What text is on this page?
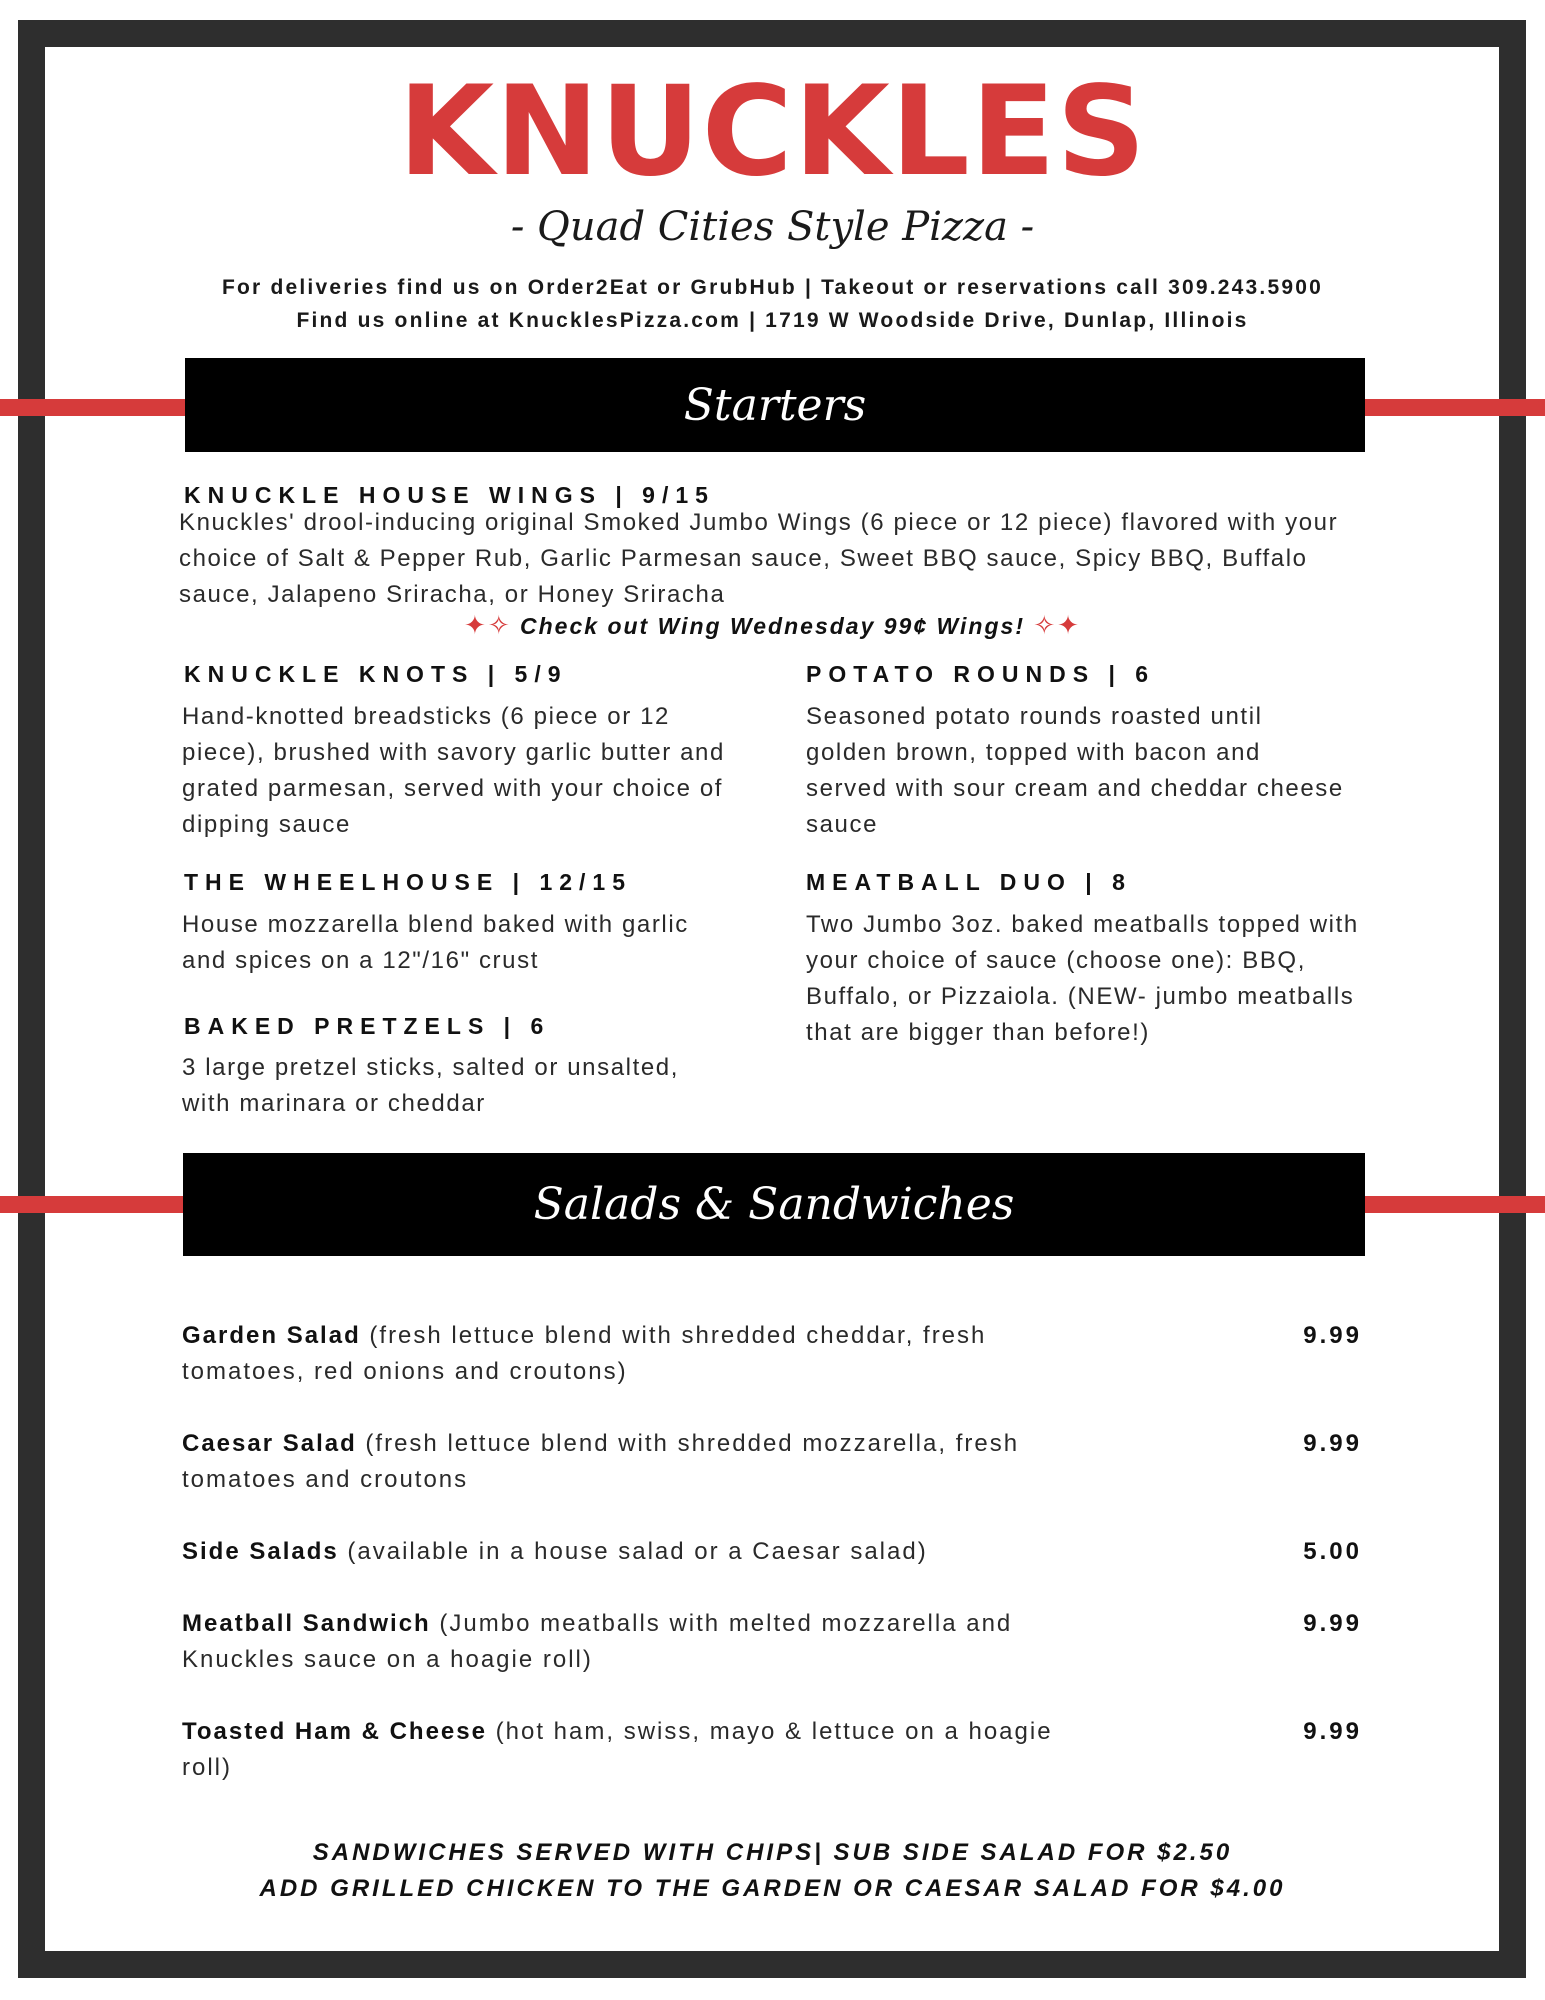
KNUCKLES
- Quad Cities Style Pizza -
For deliveries find us on Order2Eat or GrubHub | Takeout or reservations call 309.243.5900
Find us online at KnucklesPizza.com | 1719 W Woodside Drive, Dunlap, Illinois
Starters
KNUCKLE HOUSE WINGS | 9/15
Knuckles' drool-inducing original Smoked Jumbo Wings (6 piece or 12 piece) flavored with your choice of Salt & Pepper Rub, Garlic Parmesan sauce, Sweet BBQ sauce, Spicy BBQ, Buffalo sauce, Jalapeno Sriracha, or Honey Sriracha
✦✧ Check out Wing Wednesday 99¢ Wings! ✧✦
KNUCKLE KNOTS | 5/9
Hand-knotted breadsticks (6 piece or 12 piece), brushed with savory garlic butter and grated parmesan, served with your choice of dipping sauce
POTATO ROUNDS | 6
Seasoned potato rounds roasted until golden brown, topped with bacon and served with sour cream and cheddar cheese sauce
THE WHEELHOUSE | 12/15
House mozzarella blend baked with garlic and spices on a 12"/16" crust
MEATBALL DUO | 8
Two Jumbo 3oz. baked meatballs topped with your choice of sauce (choose one): BBQ, Buffalo, or Pizzaiola. (NEW- jumbo meatballs that are bigger than before!)
BAKED PRETZELS | 6
3 large pretzel sticks, salted or unsalted, with marinara or cheddar
Salads & Sandwiches
Garden Salad (fresh lettuce blend with shredded cheddar, fresh tomatoes, red onions and croutons)
9.99
Caesar Salad (fresh lettuce blend with shredded mozzarella, fresh tomatoes and croutons
9.99
Side Salads (available in a house salad or a Caesar salad)	5.00
Meatball Sandwich (Jumbo meatballs with melted mozzarella and Knuckles sauce on a hoagie roll)
9.99
Toasted Ham & Cheese (hot ham, swiss, mayo & lettuce on a hoagie roll)
9.99
SANDWICHES SERVED WITH CHIPS| SUB SIDE SALAD FOR $2.50
ADD GRILLED CHICKEN TO THE GARDEN OR CAESAR SALAD FOR $4.00
